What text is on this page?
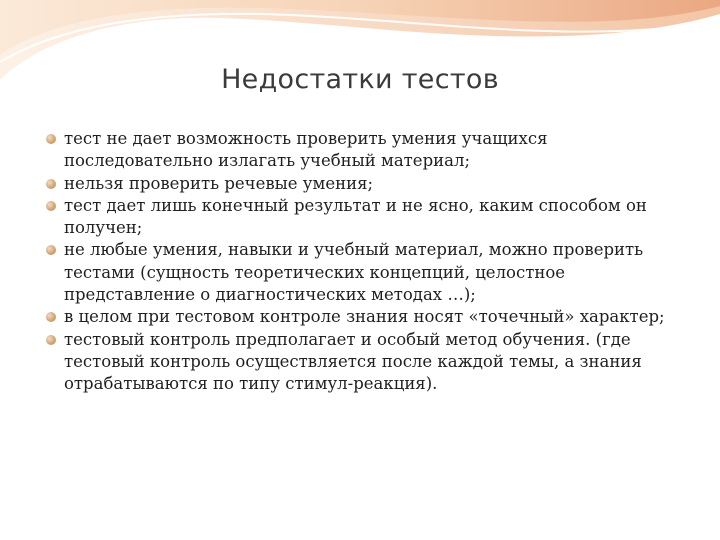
Недостатки тестов
тест не дает возможность проверить умения учащихся последовательно излагать учебный материал;
нельзя проверить речевые умения;
тест дает лишь конечный результат и не ясно, каким способом он получен;
не любые умения, навыки и учебный материал, можно проверить тестами (сущность теоретических концепций, целостное представление о диагностических методах …);
в целом при тестовом контроле знания носят «точечный» характер;
тестовый контроль предполагает и особый метод обучения. (где тестовый контроль осуществляется после каждой темы, а знания отрабатываются по типу стимул-реакция).
